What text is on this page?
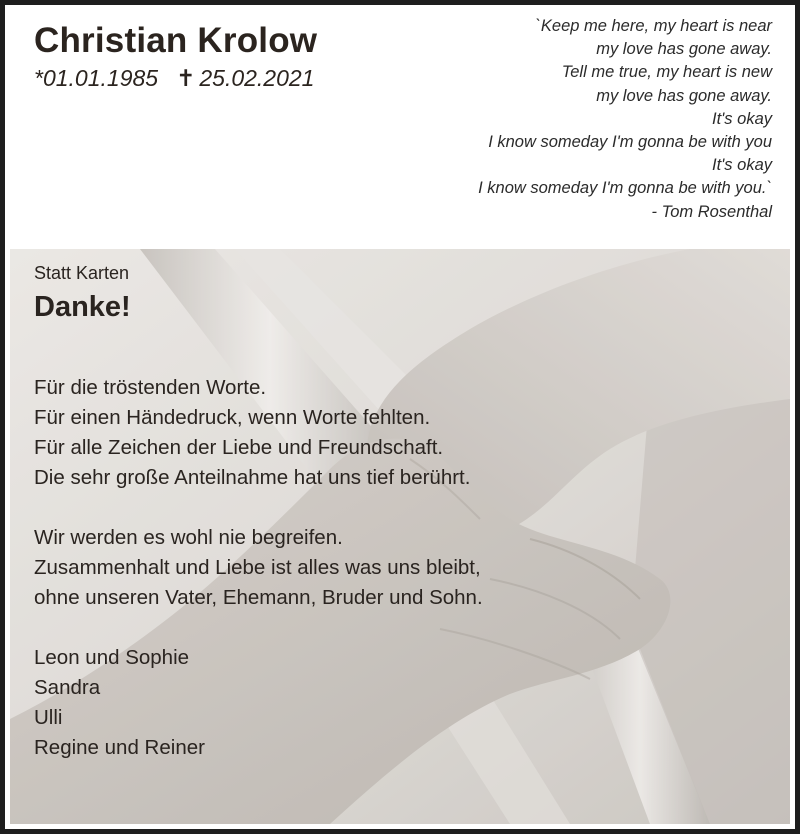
Christian Krolow
*01.01.1985 ✝ 25.02.2021
`Keep me here, my heart is near
my love has gone away.
Tell me true, my heart is new
my love has gone away.
It's okay
I know someday I'm gonna be with you
It's okay
I know someday I'm gonna be with you.`
- Tom Rosenthal
Statt Karten
Danke!
Für die tröstenden Worte.
Für einen Händedruck, wenn Worte fehlten.
Für alle Zeichen der Liebe und Freundschaft.
Die sehr große Anteilnahme hat uns tief berührt.
Wir werden es wohl nie begreifen.
Zusammenhalt und Liebe ist alles was uns bleibt,
ohne unseren Vater, Ehemann, Bruder und Sohn.
Leon und Sophie
Sandra
Ulli
Regine und Reiner
